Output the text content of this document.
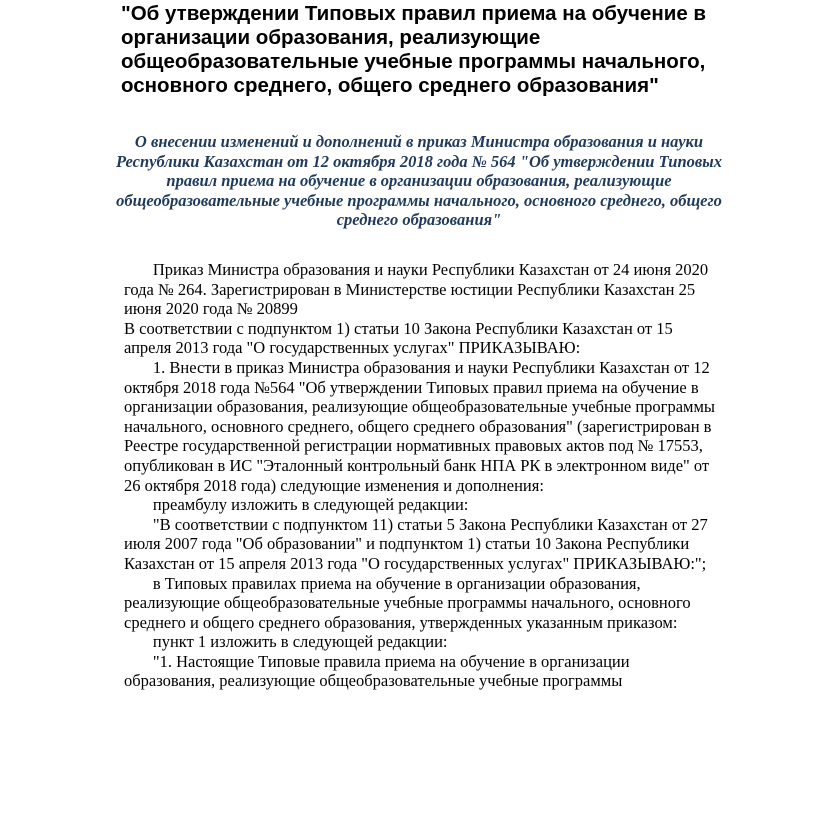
"Об утверждении Типовых правил приема на обучение в организации образования, реализующие общеобразовательные учебные программы начального, основного среднего, общего среднего образования"
О внесении изменений и дополнений в приказ Министра образования и науки Республики Казахстан от 12 октября 2018 года № 564 "Об утверждении Типовых правил приема на обучение в организации образования, реализующие общеобразовательные учебные программы начального, основного среднего, общего среднего образования"

Приказ Министра образования и науки Республики Казахстан от 24 июня 2020 года № 264. Зарегистрирован в Министерстве юстиции Республики Казахстан 25 июня 2020 года № 20899

В соответствии с подпунктом 1) статьи 10 Закона Республики Казахстан от 15 апреля 2013 года "О государственных услугах" ПРИКАЗЫВАЮ:

1. Внести в приказ Министра образования и науки Республики Казахстан от 12 октября 2018 года №564 "Об утверждении Типовых правил приема на обучение в организации образования, реализующие общеобразовательные учебные программы начального, основного среднего, общего среднего образования" (зарегистрирован в Реестре государственной регистрации нормативных правовых актов под № 17553, опубликован в ИС "Эталонный контрольный банк НПА РК в электронном виде" от 26 октября 2018 года) следующие изменения и дополнения:

преамбулу изложить в следующей редакции:

"В соответствии с подпунктом 11) статьи 5 Закона Республики Казахстан от 27 июля 2007 года "Об образовании" и подпунктом 1) статьи 10 Закона Республики Казахстан от 15 апреля 2013 года "О государственных услугах" ПРИКАЗЫВАЮ:";

в Типовых правилах приема на обучение в организации образования, реализующие общеобразовательные учебные программы начального, основного среднего и общего среднего образования, утвержденных указанным приказом:

пункт 1 изложить в следующей редакции:

"1. Настоящие Типовые правила приема на обучение в организации образования, реализующие общеобразовательные учебные программы
